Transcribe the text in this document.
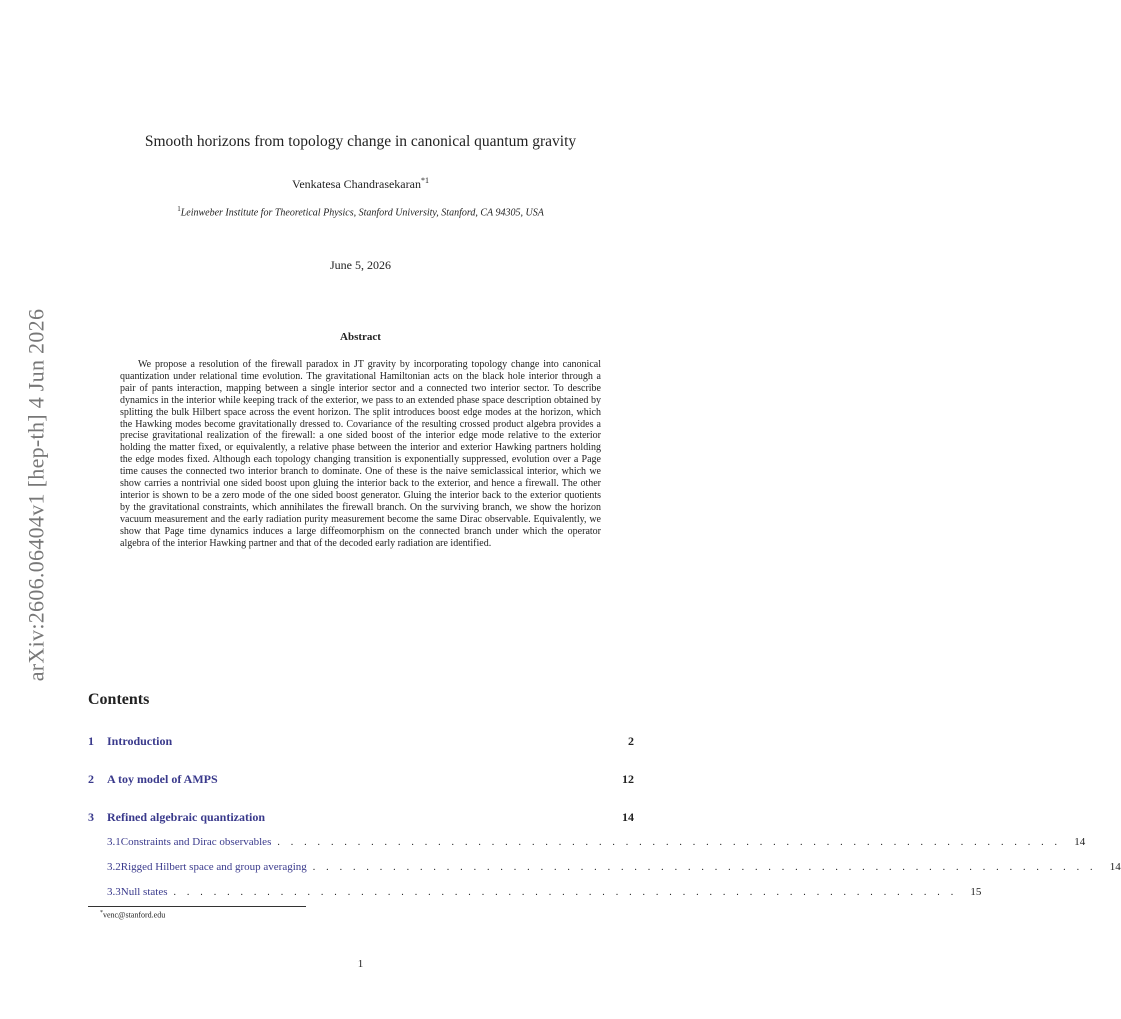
arXiv:2606.06404v1 [hep-th] 4 Jun 2026
Smooth horizons from topology change in canonical quantum gravity
Venkatesa Chandrasekaran$^{*1}$
$^1$Leinweber Institute for Theoretical Physics, Stanford University, Stanford, CA 94305, USA
June 5, 2026
Abstract

We propose a resolution of the firewall paradox in JT gravity by incorporating topology change into canonical quantization under relational time evolution. The gravitational Hamiltonian acts on the black hole interior through a pair of pants interaction, mapping between a single interior sector and a connected two interior sector. To describe dynamics in the interior while keeping track of the exterior, we pass to an extended phase space description obtained by splitting the bulk Hilbert space across the event horizon. The split introduces boost edge modes at the horizon, which the Hawking modes become gravitationally dressed to. Covariance of the resulting crossed product algebra provides a precise gravitational realization of the firewall: a one sided boost of the interior edge mode relative to the exterior holding the matter fixed, or equivalently, a relative phase between the interior and exterior Hawking partners holding the edge modes fixed. Although each topology changing transition is exponentially suppressed, evolution over a Page time causes the connected two interior branch to dominate. One of these is the naive semiclassical interior, which we show carries a nontrivial one sided boost upon gluing the interior back to the exterior, and hence a firewall. The other interior is shown to be a zero mode of the one sided boost generator. Gluing the interior back to the exterior quotients by the gravitational constraints, which annihilates the firewall branch. On the surviving branch, we show the horizon vacuum measurement and the early radiation purity measurement become the same Dirac observable. Equivalently, we show that Page time dynamics induces a large diffeomorphism on the connected branch under which the operator algebra of the interior Hawking partner and that of the decoded early radiation are identified.

Contents
1	Introduction	2
2	A toy model of AMPS	12
3	Refined algebraic quantization	14
3.1 Constraints and Dirac observables . . . . . . . . . . . . . . . . . . . . . . . . . . . . . . . . . . . . . . . . . . . . . . . . . . . . . . . . . . .	14
3.2 Rigged Hilbert space and group averaging . . . . . . . . . . . . . . . . . . . . . . . . . . . . . . . . . . . . . . . . . . . . . . . . . . . . . . . . . . .	14
3.3 Null states . . . . . . . . . . . . . . . . . . . . . . . . . . . . . . . . . . . . . . . . . . . . . . . . . . . . . . . . . . .	15
*venc@stanford.edu
1
